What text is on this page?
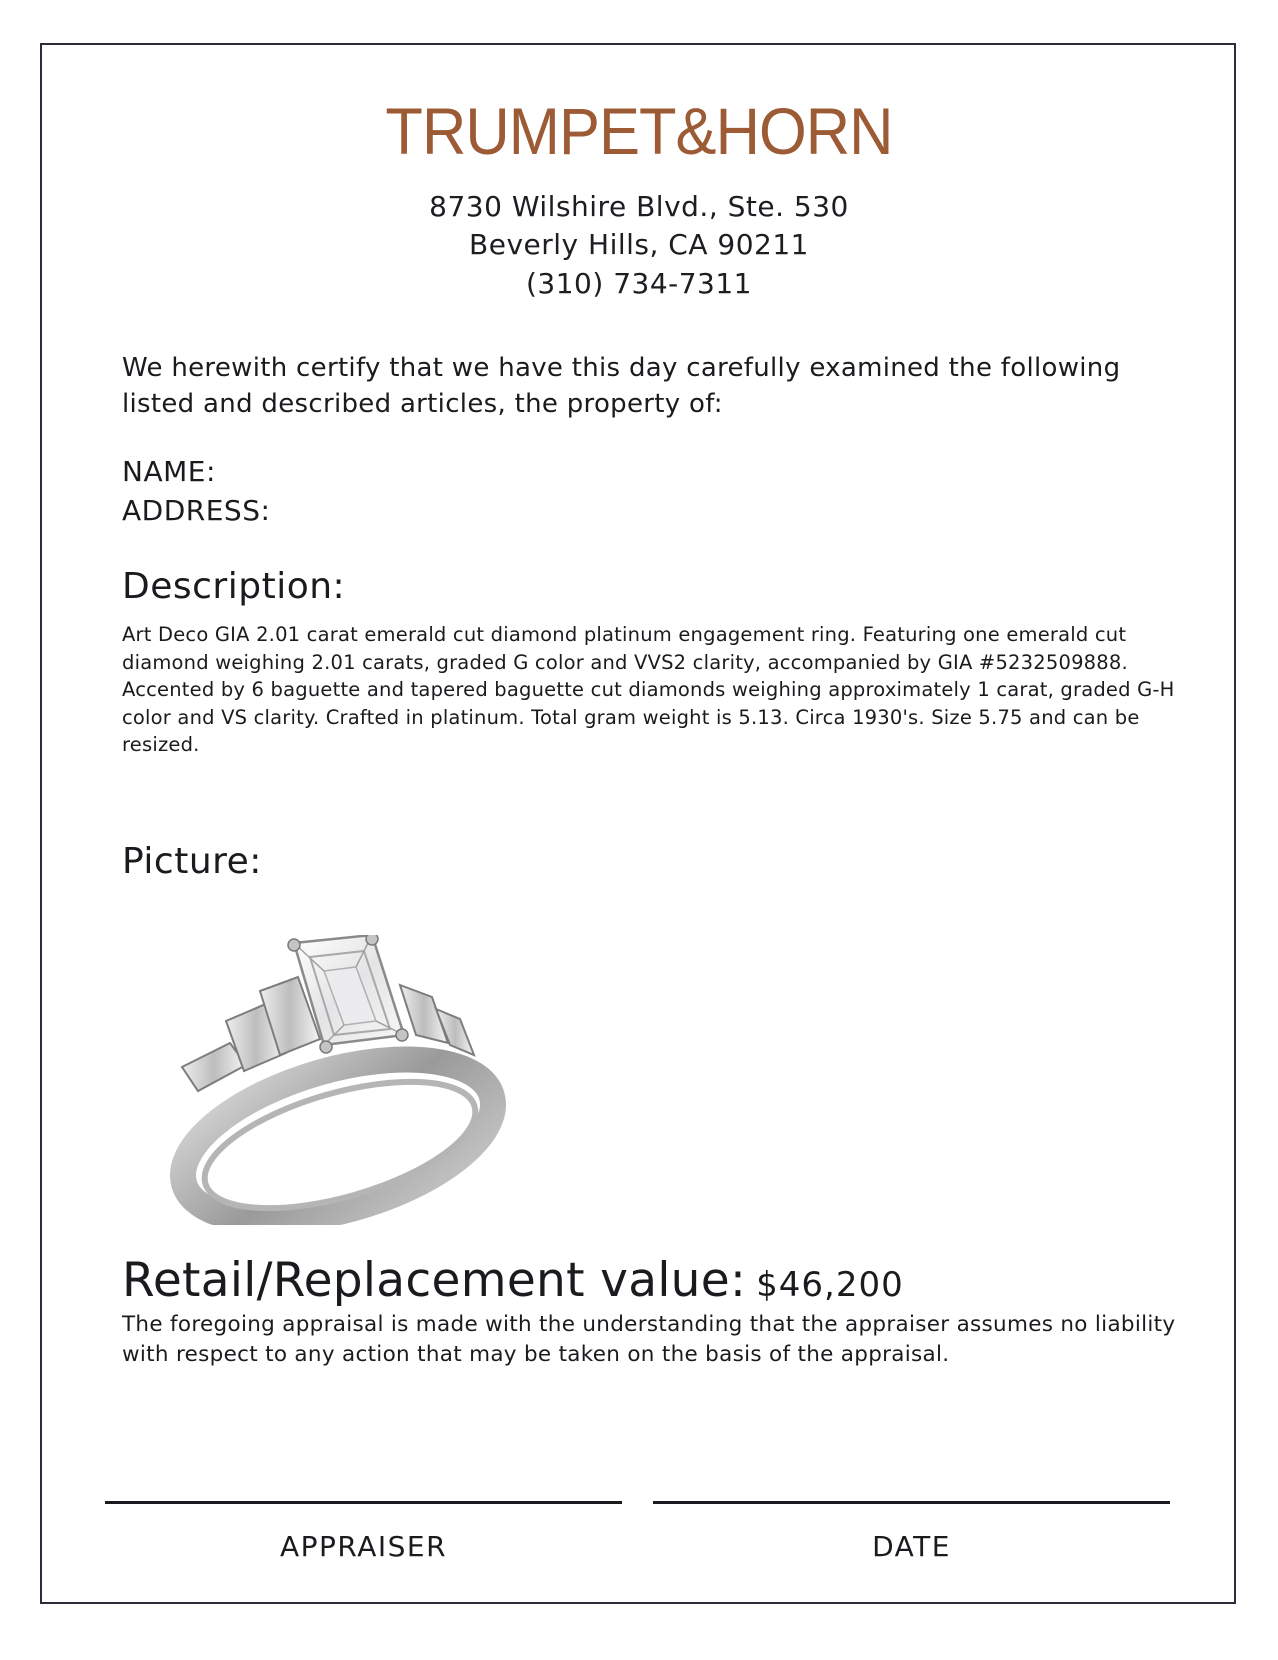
TRUMPET&HORN
8730 Wilshire Blvd., Ste. 530
Beverly Hills, CA 90211
(310) 734-7311
We herewith certify that we have this day carefully examined the following listed and described articles, the property of:
NAME:
ADDRESS:
Description:
Art Deco GIA 2.01 carat emerald cut diamond platinum engagement ring. Featuring one emerald cut diamond weighing 2.01 carats, graded G color and VVS2 clarity, accompanied by GIA #5232509888. Accented by 6 baguette and tapered baguette cut diamonds weighing approximately 1 carat, graded G-H color and VS clarity. Crafted in platinum. Total gram weight is 5.13. Circa 1930's. Size 5.75 and can be resized.
Picture:
Retail/Replacement value: $46,200
The foregoing appraisal is made with the understanding that the appraiser assumes no liability with respect to any action that may be taken on the basis of the appraisal.
APPRAISER	DATE
